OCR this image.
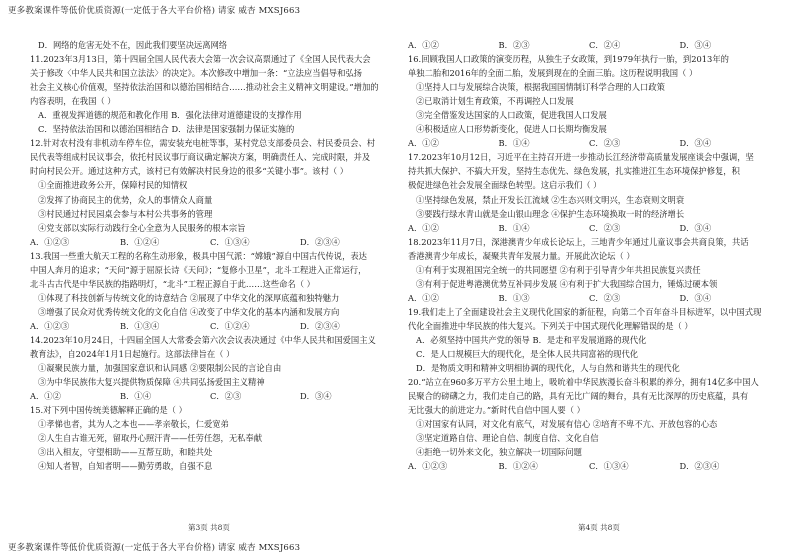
更多教案课件等低价优质资源(一定低于各大平台价格) 请家 威杏 MXSJ663
D．网络的危害无处不在，因此我们要坚决远离网络
11.2023年3月13日，第十四届全国人民代表大会第一次会议高票通过了《全国人民代表大会
关于修改〈中华人民共和国立法法〉的决定》。本次修改中增加一条：“立法应当倡导和弘扬
社会主义核心价值观，坚持依法治国和以德治国相结合……推动社会主义精神文明建设。”增加的
内容表明，在我国（ ）
A．重视发挥道德的规范和教化作用 B．强化法律对道德建设的支撑作用
C．坚持依法治国和以德治国相结合 D．法律是国家强制力保证实施的
12.针对农村没有非机动车停车位，需安装充电桩等事，某村党总支部委员会、村民委员会、村
民代表等组成村民议事会，依托村民议事厅商议确定解决方案，明确责任人、完成时限，并及
时向村民公开。通过这种方式，该村已有效解决村民身边的很多“关键小事”。该村（ ）
①全面推进政务公开，保障村民的知情权
②发挥了协商民主的优势，众人的事情众人商量
③村民通过村民园桌会参与本村公共事务的管理
④党支部以实际行动践行全心全意为人民服务的根本宗旨
A．①②③	B．①②④	C．①③④	D．②③④
13.我国一些重大航天工程的名称生动形象，极具中国气派：“嫦娥”源自中国古代传说，表达
中国人奔月的追求；“天问”源于屈原长诗《天问》；“复修小卫星”，北斗工程进入正常运行，
北斗古古代是中华民族的指路明灯，“北斗”工程正源自于此……这些命名（ ）
①体现了科技创新与传统文化的诗意结合 ②展现了中华文化的深厚底蕴和独特魅力
③增强了民众对优秀传统文化的文化自信 ④改变了中华文化的基本内涵和发展方向
A．①②③	B．①③④	C．①②④	D．②③④
14.2023年10月24日，十四届全国人大常委会第六次会议表决通过《中华人民共和国爱国主义
教育法》，自2024年1月1日起施行。这部法律旨在（ ）
①凝聚民族力量，加强国家意识和认同感 ②要限制公民的言论自由
③为中华民族伟大复兴提供物质保障 ④共同弘扬爱国主义精神
A．①②	B．①④	C．②③	D．③④
15.对下列中国传统美德解释正确的是（ ）
①孝悌也者，其为人之本也——孝亲敬长，仁爱宽弟
②人生自古谁无死，留取丹心照汗青——任劳任怨，无私奉献
③出入相友，守望相助——互帮互助，和睦共处
④知人者智，自知者明——勤劳勇敢，自强不息
A．①②	B．②③	C．②④	D．③④
16.回顾我国人口政策的演变历程，从独生子女政策，到1979年执行一胎，到2013年的
单独二胎和2016年的全面二胎，发展到现在的全面三胎。这历程说明我国（ ）
①坚持人口与发展综合决策，根据我国国情制订科学合理的人口政策
②已取消计划生育政策，不再调控人口发展
③完全借鉴发达国家的人口政策，促进我国人口发展
④积极适应人口形势新变化，促进人口长期均衡发展
A．①②	B．①④	C．②③	D．③④
17.2023年10月12日，习近平在主持召开进一步推动长江经济带高质量发展座谈会中强调，坚
持共抓大保护、不搞大开发，坚持生态优先、绿色发展，扎实推进江生态环境保护修复，积
极促进绿色社会发展全面绿色转型。这启示我们（ ）
①坚持绿色发展，禁止开发长江流域 ②生态兴则文明兴，生态衰则文明衰
③要践行绿水青山就是金山银山理念 ④保护生态环境换取一时的经济增长
A．①②	B．①④	C．②③	D．③④
18.2023年11月7日，深港澳青少年成长论坛上，三地青少年通过儿童议事会共商良策，共话
香港澳青少年成长，凝聚共青年发展力量。开展此次论坛（ ）
①有利于实现祖国完全统一的共同愿望 ②有利于引导青少年共担民族复兴责任
③有利于促进粤港澳优势互补同步发展 ④有利于扩大我国综合国力，锤炼过硬本领
A．①②	B．①③	C．②③	D．③④
19.我们走上了全面建设社会主义现代化国家的新征程，向第二个百年奋斗目标进军，以中国式现
代化全面推进中华民族的伟大复兴。下列关于中国式现代化理解错误的是（ ）
A．必须坚持中国共产党的领导 B．是走和平发展道路的现代化
C．是人口规模巨大的现代化，是全体人民共同富裕的现代化
D．是物质文明和精神文明相协调的现代化，人与自然和谐共生的现代化
20.“站立在960多万平方公里土地上，吸吮着中华民族漫长奋斗积累的养分，拥有14亿多中国人
民聚合的磅礴之力，我们走自己的路，具有无比广阔的舞台，具有无比深厚的历史底蕴，具有
无比强大的前进定力。”新时代自信中国人要（ ）
①对国家有认同，对文化有底气，对发展有信心 ②培育不卑不亢、开放包容的心态
③坚定道路自信、理论自信、制度自信、文化自信
④拒绝一切外来文化，独立解决一切国际问题
A．①②③	B．①②④	C．①③④	D．②③④
第3页 共8页	第4页 共8页
更多教案课件等低价优质资源(一定低于各大平台价格) 请家 威杏 MXSJ663
